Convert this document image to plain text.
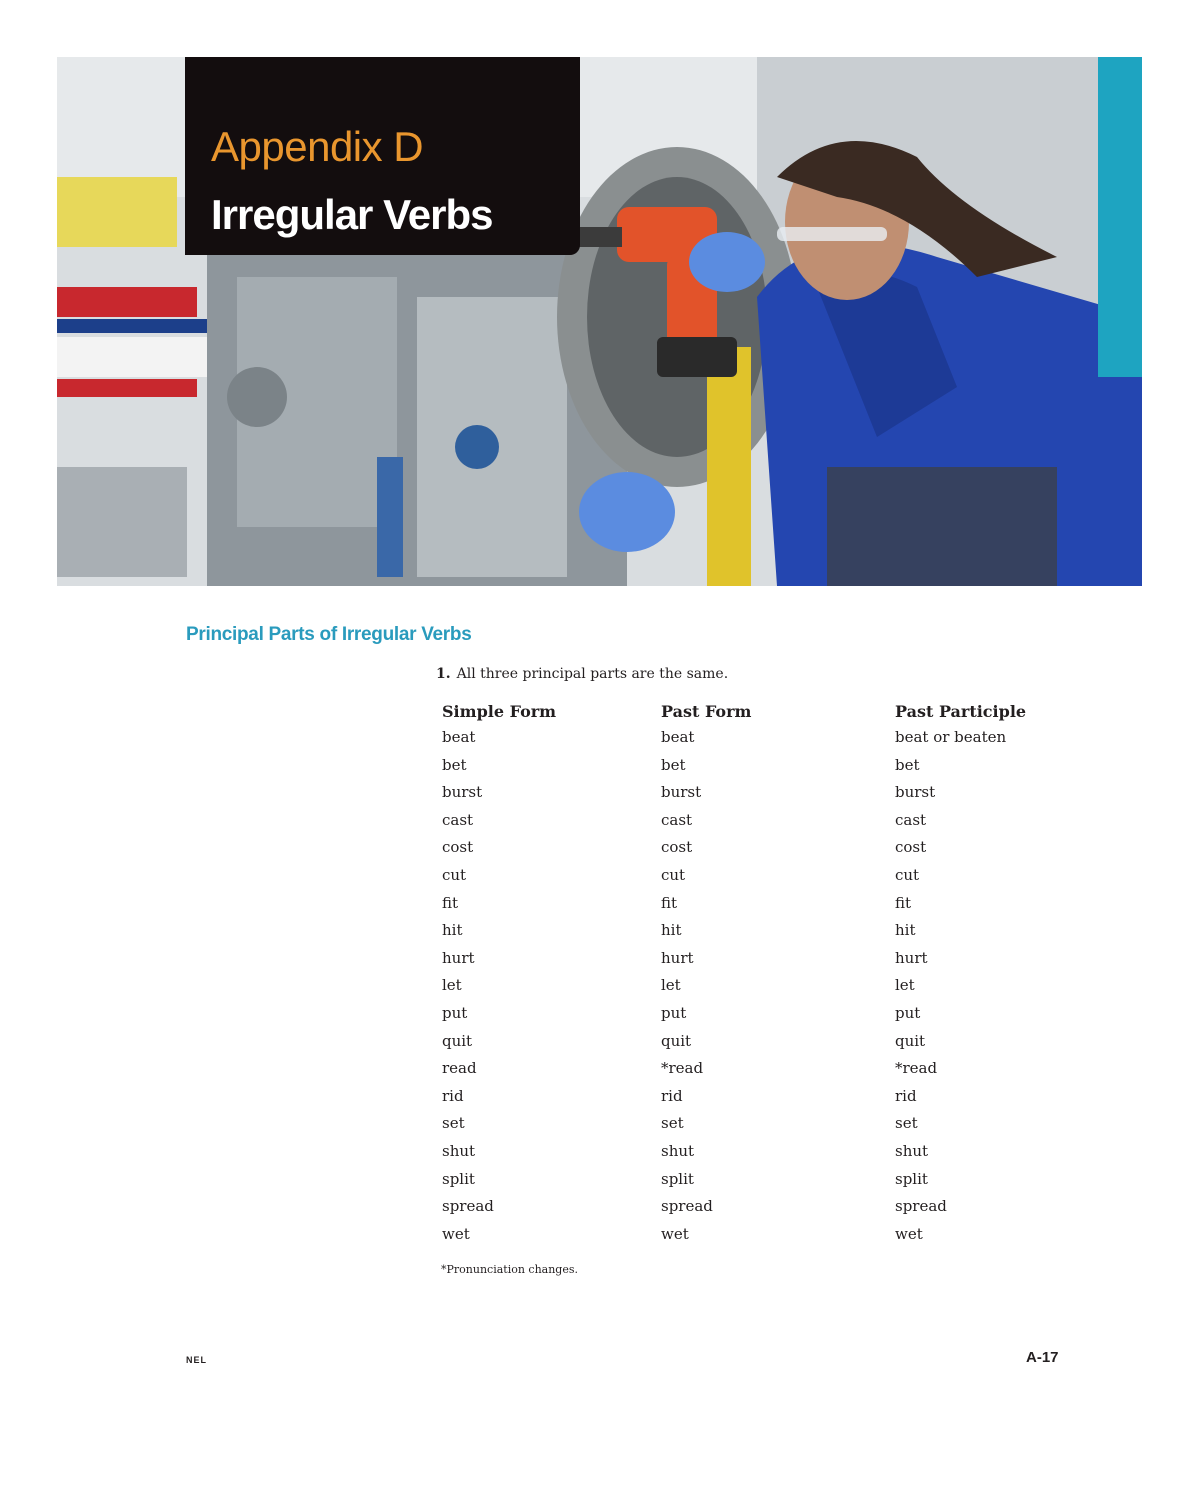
Appendix D
Irregular Verbs
Principal Parts of Irregular Verbs
1. All three principal parts are the same.
Simple Form	Past Form	Past Participle
beat	beat	beat or beaten
bet	bet	bet
burst	burst	burst
cast	cast	cast
cost	cost	cost
cut	cut	cut
fit	fit	fit
hit	hit	hit
hurt	hurt	hurt
let	let	let
put	put	put
quit	quit	quit
read	*read	*read
rid	rid	rid
set	set	set
shut	shut	shut
split	split	split
spread	spread	spread
wet	wet	wet
*Pronunciation changes.
NEL	A-17
